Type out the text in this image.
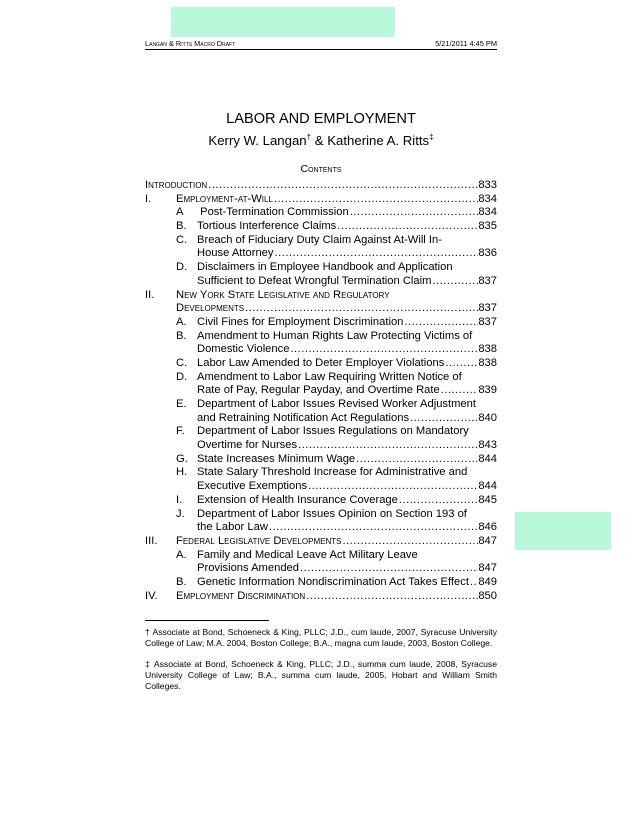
Langan & Ritts Macro Draft	5/21/2011 4:45 PM
LABOR AND EMPLOYMENT
Kerry W. Langan† & Katherine A. Ritts‡
Contents
Introduction .....	833
I. Employment-at-Will .....	834
A Post-Termination Commission .....	834
B. Tortious Interference Claims .....	835
C. Breach of Fiduciary Duty Claim Against At-Will In-
House Attorney .....	836
D. Disclaimers in Employee Handbook and Application
Sufficient to Defeat Wrongful Termination Claim .....	837
II. New York State Legislative and Regulatory
Developments .....	837
A. Civil Fines for Employment Discrimination .....	837
B. Amendment to Human Rights Law Protecting Victims of
Domestic Violence .....	838
C. Labor Law Amended to Deter Employer Violations .....	838
D. Amendment to Labor Law Requiring Written Notice of
Rate of Pay, Regular Payday, and Overtime Rate .....	839
E. Department of Labor Issues Revised Worker Adjustment
and Retraining Notification Act Regulations .....	840
F. Department of Labor Issues Regulations on Mandatory
Overtime for Nurses .....	843
G. State Increases Minimum Wage .....	844
H. State Salary Threshold Increase for Administrative and
Executive Exemptions .....	844
I. Extension of Health Insurance Coverage .....	845
J. Department of Labor Issues Opinion on Section 193 of
the Labor Law .....	846
III. Federal Legislative Developments .....	847
A. Family and Medical Leave Act Military Leave
Provisions Amended .....	847
B. Genetic Information Nondiscrimination Act Takes Effect ..... 849
IV. Employment Discrimination .....	850
† Associate at Bond, Schoeneck & King, PLLC; J.D., cum laude, 2007, Syracuse University College of Law; M.A. 2004, Boston College; B.A., magna cum laude, 2003, Boston College.
‡ Associate at Bond, Schoeneck & King, PLLC; J.D., summa cum laude, 2008, Syracuse University College of Law; B.A., summa cum laude, 2005, Hobart and William Smith Colleges.
